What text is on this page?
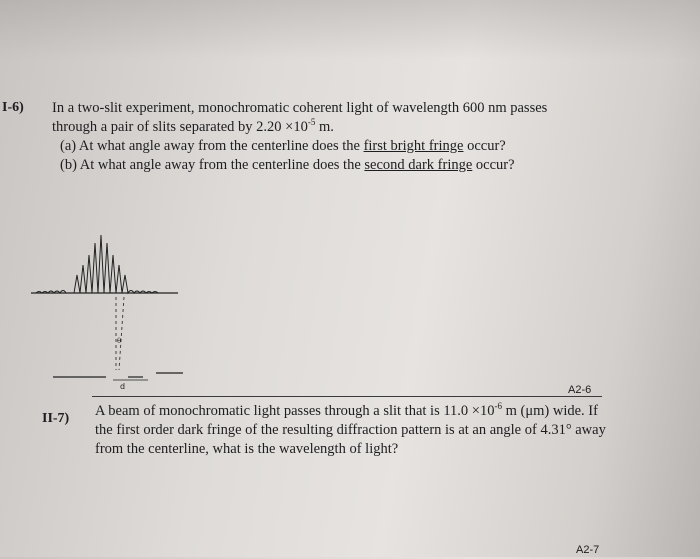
I-6) In a two-slit experiment, monochromatic coherent light of wavelength 600 nm passes
through a pair of slits separated by $2.20 \times 10^{-5}$ m.
(a) At what angle away from the centerline does the first bright fringe occur?
(b) At what angle away from the centerline does the second dark fringe occur?
θ
d	A2-6
II-7) A beam of monochromatic light passes through a slit that is $11.0 \times 10^{-6}$ m (μm) wide. If
the first order dark fringe of the resulting diffraction pattern is at an angle of 4.31° away
from the centerline, what is the wavelength of light?
A2-7
